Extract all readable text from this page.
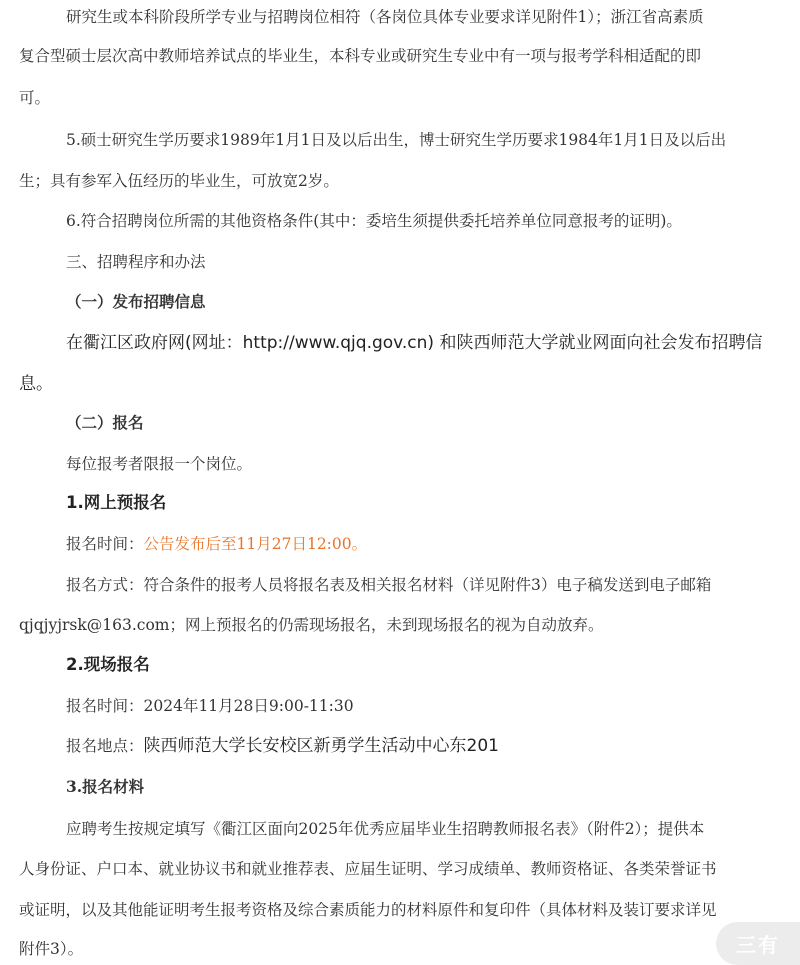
研究生或本科阶段所学专业与招聘岗位相符（各岗位具体专业要求详见附件1）；浙江省高素质
复合型硕士层次高中教师培养试点的毕业生，本科专业或研究生专业中有一项与报考学科相适配的即
可。
5.硕士研究生学历要求1989年1月1日及以后出生，博士研究生学历要求1984年1月1日及以后出
生；具有参军入伍经历的毕业生，可放宽2岁。
6.符合招聘岗位所需的其他资格条件(其中：委培生须提供委托培养单位同意报考的证明)。
三、招聘程序和办法
（一）发布招聘信息
在衢江区政府网(网址：http://www.qjq.gov.cn) 和陕西师范大学就业网面向社会发布招聘信
息。
（二）报名
每位报考者限报一个岗位。
1.网上预报名
报名时间：公告发布后至11月27日12:00。
报名方式：符合条件的报考人员将报名表及相关报名材料（详见附件3）电子稿发送到电子邮箱
qjqjyjrsk@163.com；网上预报名的仍需现场报名，未到现场报名的视为自动放弃。
2.现场报名
报名时间：2024年11月28日9:00-11:30
报名地点：陕西师范大学长安校区新勇学生活动中心东201
3.报名材料
应聘考生按规定填写《衢江区面向2025年优秀应届毕业生招聘教师报名表》（附件2）；提供本
人身份证、户口本、就业协议书和就业推荐表、应届生证明、学习成绩单、教师资格证、各类荣誉证书
或证明，以及其他能证明考生报考资格及综合素质能力的材料原件和复印件（具体材料及装订要求详见
附件3）。	三有
